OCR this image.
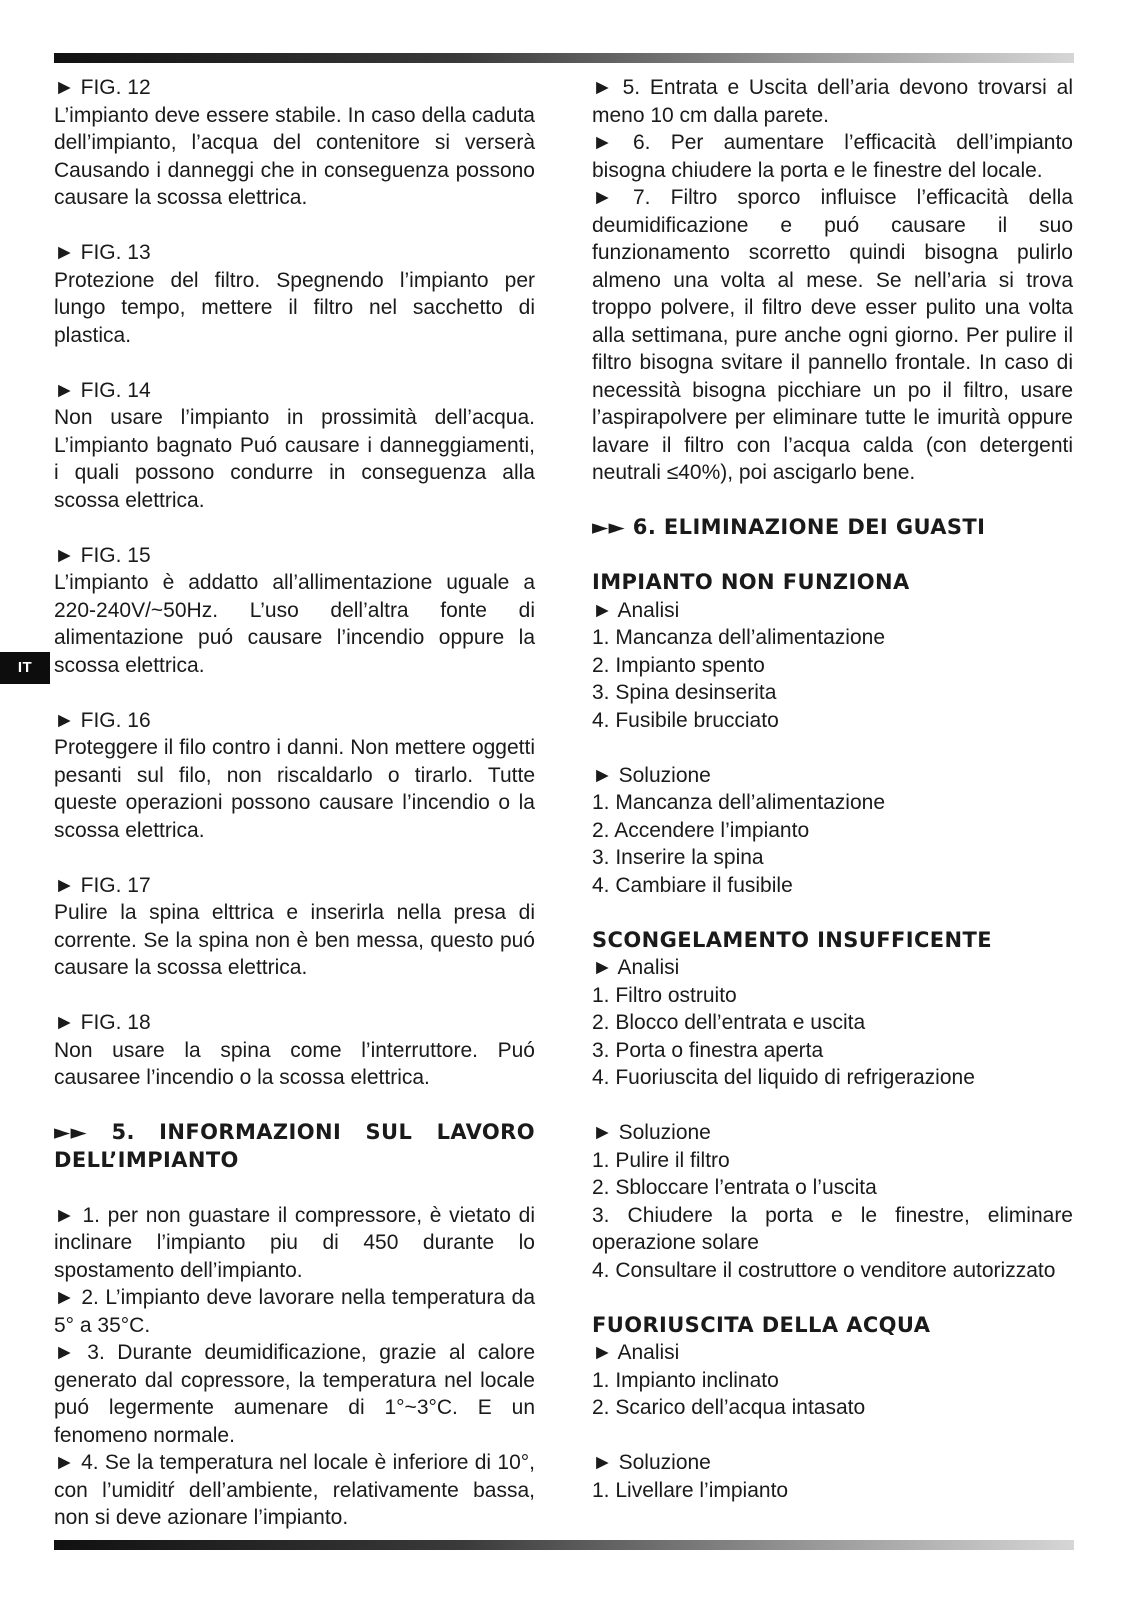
IT

► FIG. 12

L’impianto deve essere stabile. In caso della caduta dell’impianto, l’acqua del contenitore si verserà Causando i danneggi che in conseguenza possono causare la scossa elettrica.

► FIG. 13

Protezione del filtro. Spegnendo l’impianto per lungo tempo, mettere il filtro nel sacchetto di plastica.

► FIG. 14

Non usare l’impianto in prossimità dell’acqua. L’impianto bagnato Puó causare i danneggiamenti, i quali possono condurre in conseguenza alla scossa elettrica.

► FIG. 15

L’impianto è addatto all’allimentazione uguale a 220-240V/~50Hz. L’uso dell’altra fonte di alimentazione puó causare l’incendio oppure la scossa elettrica.

► FIG. 16

Proteggere il filo contro i danni. Non mettere oggetti pesanti sul filo, non riscaldarlo o tirarlo. Tutte queste operazioni possono causare l’incendio o la scossa elettrica.

► FIG. 17

Pulire la spina elttrica e inserirla nella presa di corrente. Se la spina non è ben messa, questo puó causare la scossa elettrica.

► FIG. 18

Non usare la spina come l’interruttore. Puó causaree l’incendio o la scossa elettrica.

►► 5. INFORMAZIONI SUL LAVORO DELL’IMPIANTO

► 1. per non guastare il compressore, è vietato di inclinare l’impianto piu di 450 durante lo spostamento dell’impianto.

► 2. L’impianto deve lavorare nella temperatura da 5° a 35°C.

► 3. Durante deumidificazione, grazie al calore generato dal copressore, la temperatura nel locale puó legermente aumenare di 1°~3°C. E un fenomeno normale.

► 4. Se la temperatura nel locale è inferiore di 10°, con l’umiditŕ dell’ambiente, relativamente bassa, non si deve azionare l’impianto.

► 5. Entrata e Uscita dell’aria devono trovarsi al meno 10 cm dalla parete.

► 6. Per aumentare l’efficacità dell’impianto bisogna chiudere la porta e le finestre del locale.

► 7. Filtro sporco influisce l’efficacità della deumidificazione e puó causare il suo funzionamento scorretto quindi bisogna pulirlo almeno una volta al mese. Se nell’aria si trova troppo polvere, il filtro deve esser pulito una volta alla settimana, pure anche ogni giorno. Per pulire il filtro bisogna svitare il pannello frontale. In caso di necessità bisogna picchiare un po il filtro, usare l’aspirapolvere per eliminare tutte le imurità oppure lavare il filtro con l’acqua calda (con detergenti neutrali ≤40%), poi ascigarlo bene.

►► 6. ELIMINAZIONE DEI GUASTI

IMPIANTO NON FUNZIONA

► Analisi

1. Mancanza dell’alimentazione

2. Impianto spento

3. Spina desinserita

4. Fusibile brucciato

► Soluzione

1. Mancanza dell’alimentazione

2. Accendere l’impianto

3. Inserire la spina

4. Cambiare il fusibile

SCONGELAMENTO INSUFFICENTE

► Analisi

1. Filtro ostruito

2. Blocco dell’entrata e uscita

3. Porta o finestra aperta

4. Fuoriuscita del liquido di refrigerazione

► Soluzione

1. Pulire il filtro

2. Sbloccare l’entrata o l’uscita

3. Chiudere la porta e le finestre, eliminare operazione solare

4. Consultare il costruttore o venditore autorizzato

FUORIUSCITA DELLA ACQUA

► Analisi

1. Impianto inclinato

2. Scarico dell’acqua intasato

► Soluzione

1. Livellare l’impianto
